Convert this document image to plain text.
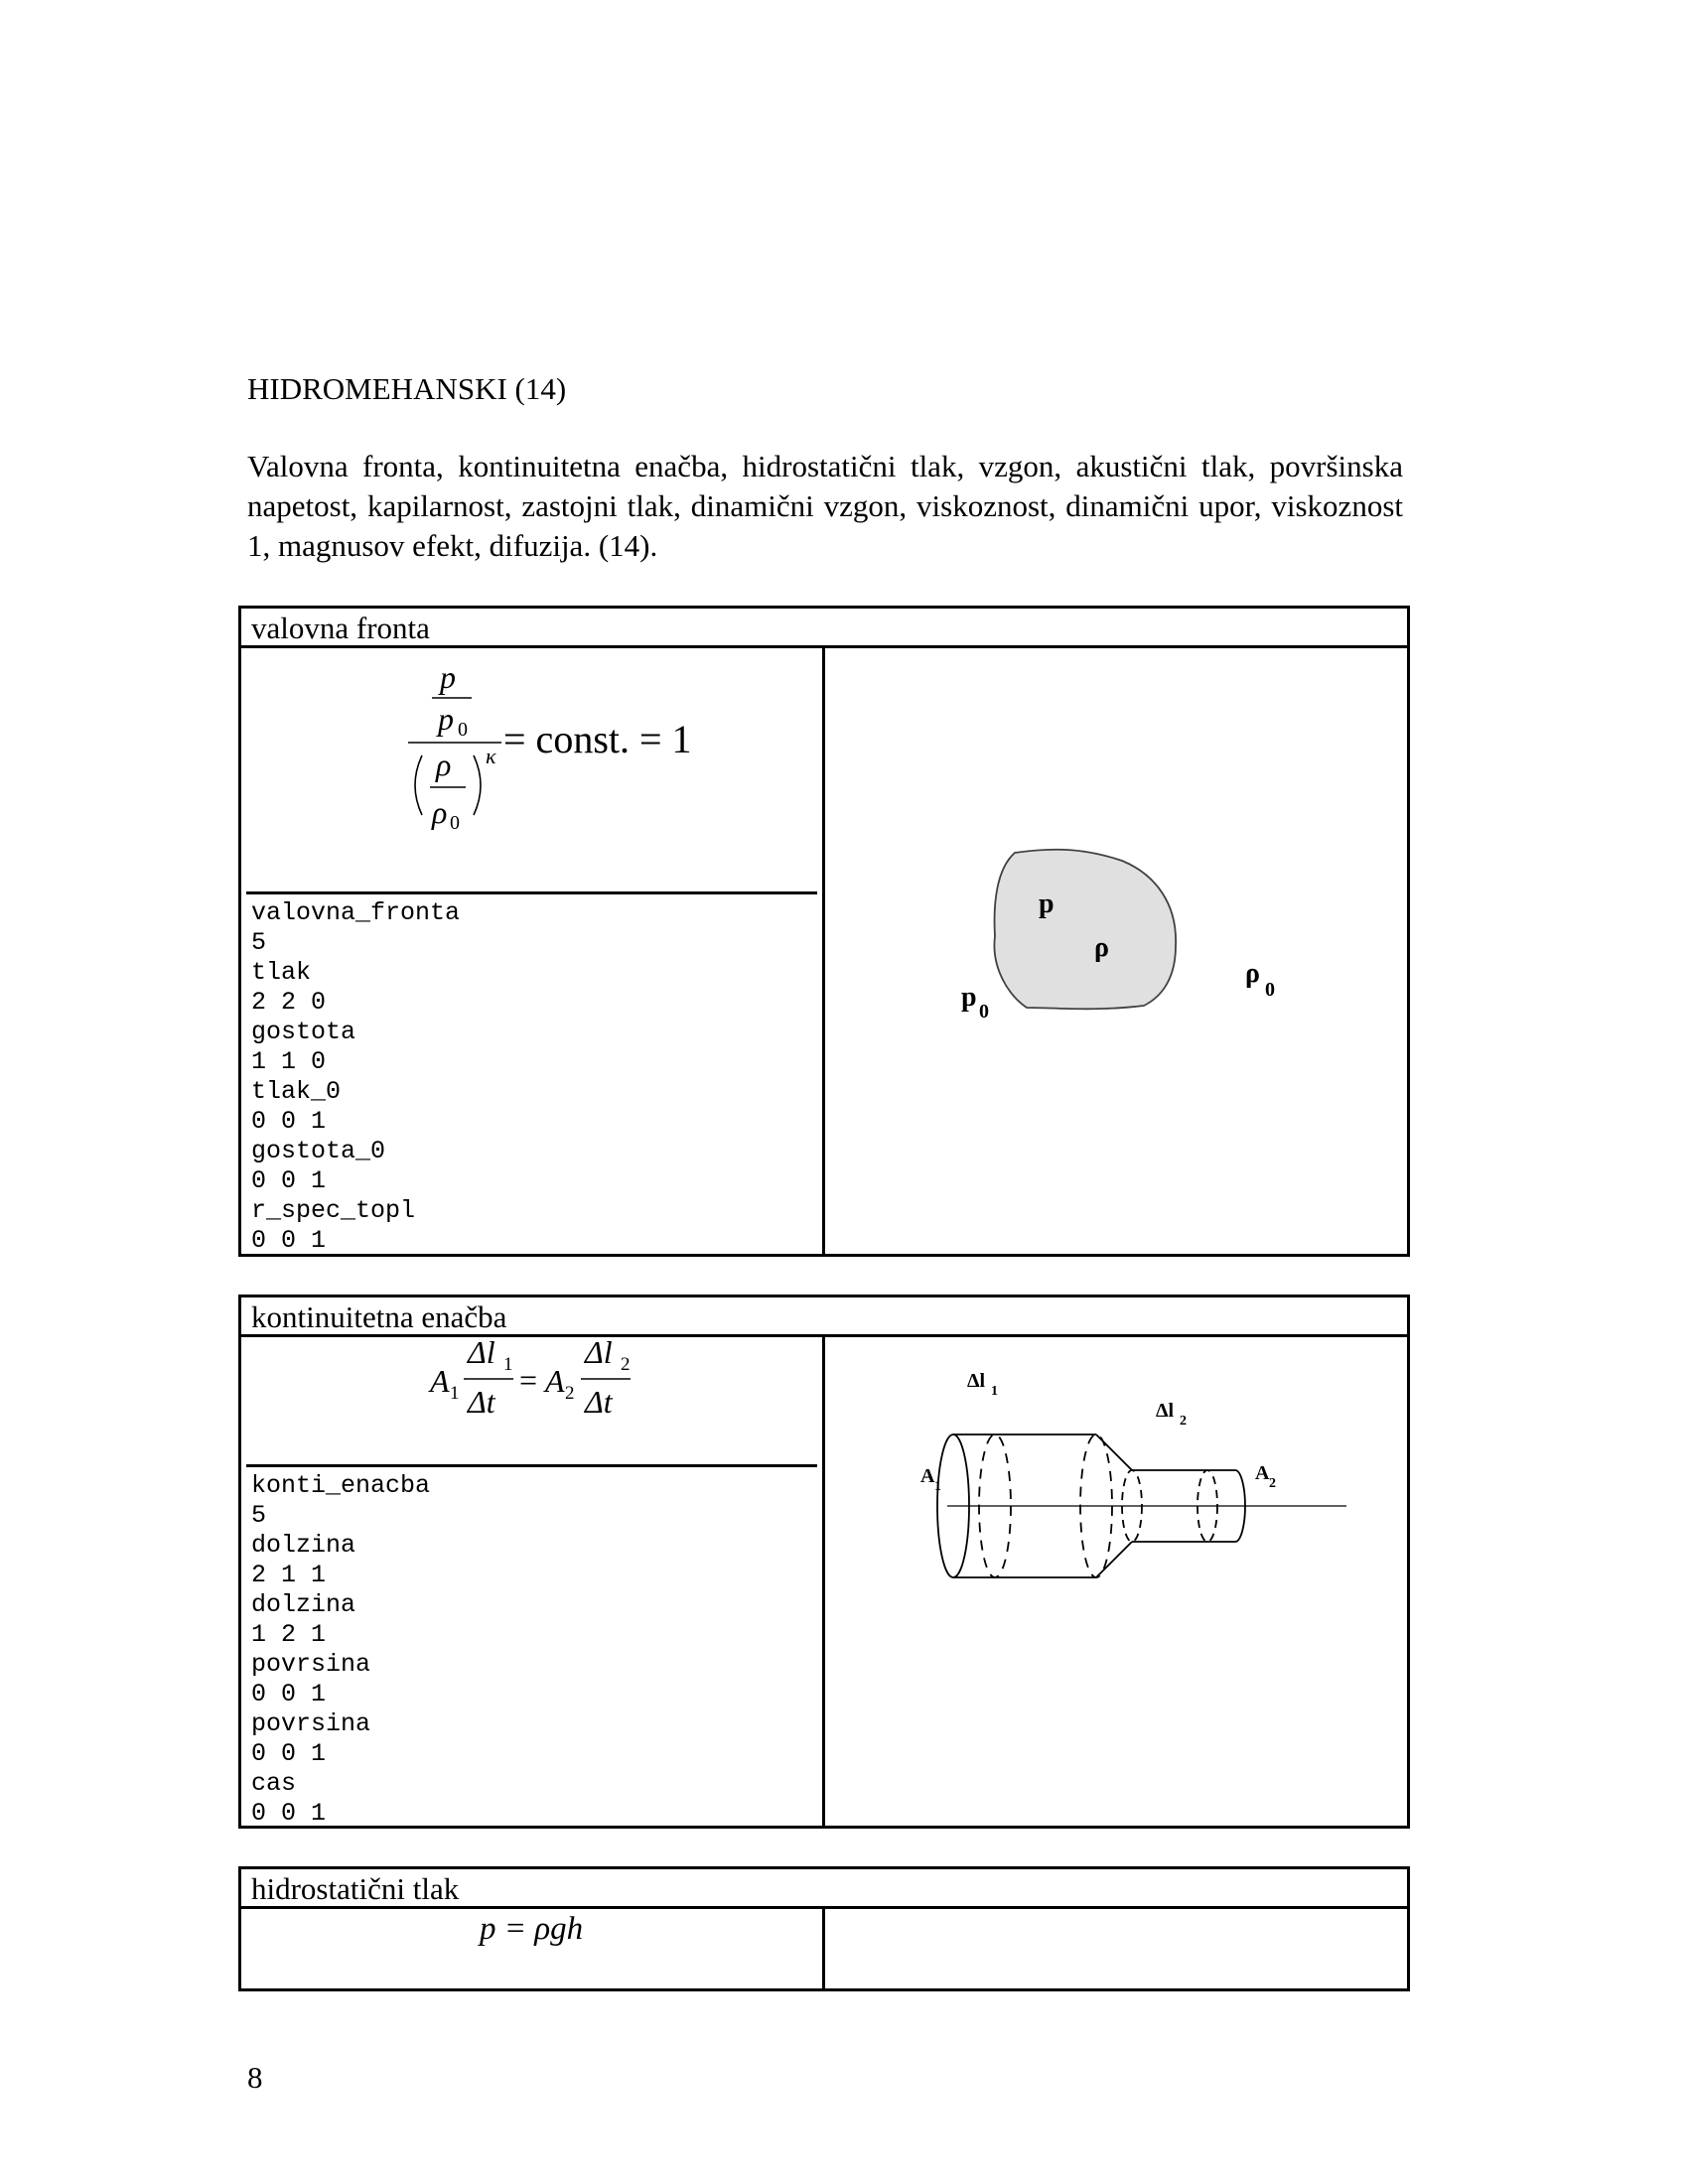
HIDROMEHANSKI (14)
Valovna fronta, kontinuitetna enačba, hidrostatični tlak, vzgon, akustični tlak, površinska napetost, kapilarnost, zastojni tlak, dinamični vzgon, viskoznost, dinamični upor, viskoznost 1, magnusov efekt, difuzija. (14).
valovna fronta
p
p 0 = const. = 1
ρ
ρ 0
κ
valovna_fronta
5
tlak
2 2 0
gostota
1 1 0
tlak_0
0 0 1
gostota_0
0 0 1
r_spec_topl
0 0 1
p
ρ
p 0
ρ
0
kontinuitetna enačba
A 1
Δl 1
Δt
= A 2
Δl 2
Δt
konti_enacba
5
dolzina
2 1 1
dolzina
1 2 1
povrsina
0 0 1
povrsina
0 0 1
cas
0 0 1
Δl 1
Δl 2
A 1
A 2
hidrostatični tlak
p = ρgh
8
